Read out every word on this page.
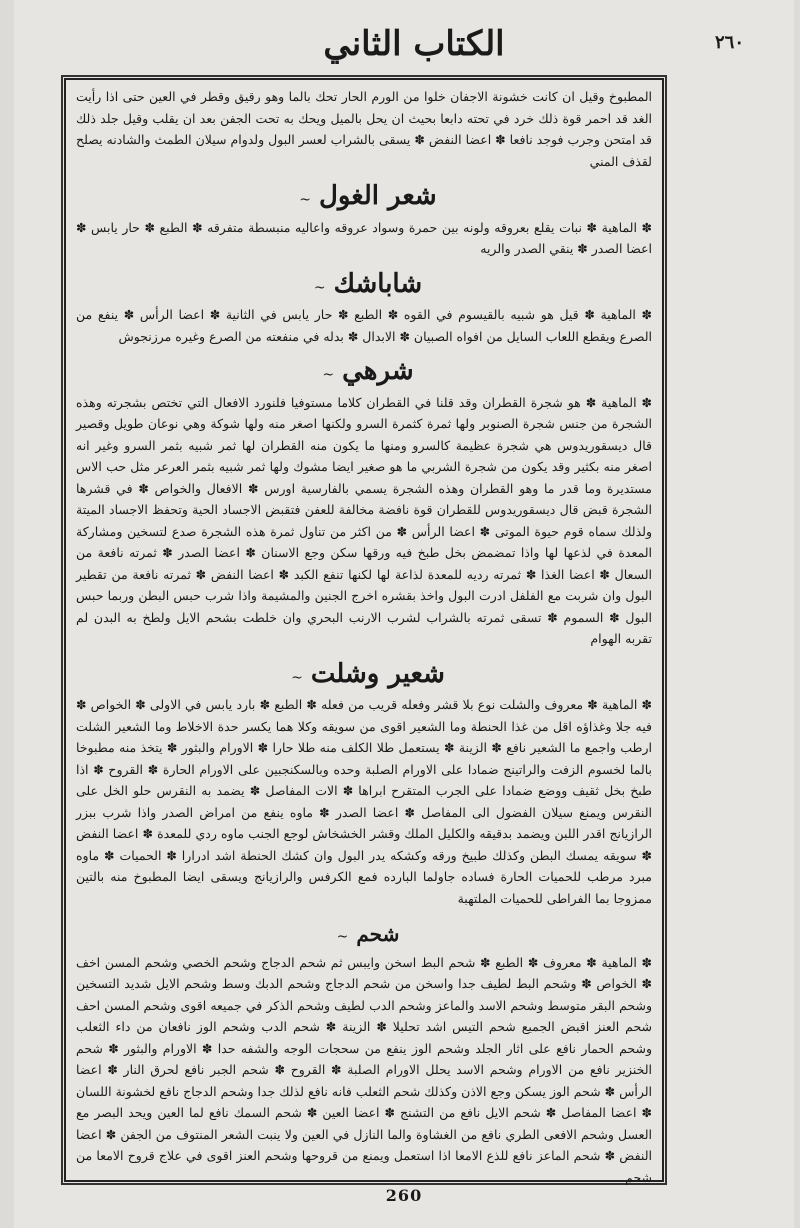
الكتاب الثاني	٢٦٠

المطبوخ وقيل ان كانت خشونة الاجفان خلوا من الورم الحار تحك بالما وهو رقيق وقطر في العين حتى اذا رأيت الغد قد احمر قوة ذلك خرد في تحته دابعا بحيث ان يحل بالميل ويحك به تحت الجفن بعد ان يقلب وقيل جلد ذلك قد امتحن وجرب فوجد نافعا ✽ اعضا النفض ✽ يسقى بالشراب لعسر البول ولدوام سيلان الطمث والشادنه يصلح لقذف المني

شعر الغول~

✽ الماهية ✽ نبات يقلع بعروقه ولونه بين حمرة وسواد عروقه واعاليه منبسطة متفرقه ✽ الطبع ✽ حار يابس ✽ اعضا الصدر ✽ ينقي الصدر والريه

شاباشك~

✽ الماهية ✽ قيل هو شبيه بالقيسوم في القوه ✽ الطبع ✽ حار يابس في الثانية ✽ اعضا الرأس ✽ ينفع من الصرع ويقطع اللعاب السايل من افواه الصبيان ✽ الابدال ✽ بدله في منفعته من الصرع وغيره مرزنجوش

شرهي~

✽ الماهية ✽ هو شجرة القطران وقد قلنا في القطران كلاما مستوفيا فلنورد الافعال التي تختص بشجرته وهذه الشجرة من جنس شجرة الصنوبر ولها ثمرة كثمرة السرو ولكنها اصغر منه ولها شوكة وهي نوعان طويل وقصير قال ديسقوريدوس هي شجرة عظيمة كالسرو ومنها ما يكون منه القطران لها ثمر شبيه بثمر السرو وغير انه اصغر منه بكثير وقد يكون من شجرة الشربي ما هو صغير ايضا مشوك ولها ثمر شبيه بثمر العرعر مثل حب الاس مستديرة وما قدر ما وهو القطران وهذه الشجرة يسمي بالفارسية اورس ✽ الافعال والخواص ✽ في قشرها الشجرة قبض قال ديسقوريدوس للقطران قوة نافضة مخالفة للعفن فتقبض الاجساد الحية وتحفظ الاجساد الميتة ولذلك سماه قوم حيوة الموتى ✽ اعضا الرأس ✽ من اكثر من تناول ثمرة هذه الشجرة صدع لتسخين ومشاركة المعدة في لذعها لها واذا تمضمض بخل طبخ فيه ورقها سكن وجع الاسنان ✽ اعضا الصدر ✽ ثمرته نافعة من السعال ✽ اعضا الغذا ✽ ثمرته رديه للمعدة لذاعة لها لكنها تنفع الكبد ✽ اعضا النفض ✽ ثمرته نافعة من تقطير البول وان شربت مع الفلفل ادرت البول واخذ بقشره اخرج الجنين والمشيمة واذا شرب حبس البطن وربما حبس البول ✽ السموم ✽ تسقى ثمرته بالشراب لشرب الارنب البحري وان خلطت بشحم الايل ولطخ به البدن لم تقربه الهوام

شعير وشلت~

✽ الماهية ✽ معروف والشلت نوع بلا قشر وفعله قريب من فعله ✽ الطبع ✽ بارد يابس في الاولى ✽ الخواص ✽ فيه جلا وغذاؤه اقل من غذا الحنطة وما الشعير اقوى من سويقه وكلا هما يكسر حدة الاخلاط وما الشعير الشلت ارطب واجمع ما الشعير نافع ✽ الزينة ✽ يستعمل طلا الكلف منه طلا حارا ✽ الاورام والبثور ✽ يتخذ منه مطبوخا بالما لخسوم الزفت والراتينج ضمادا على الاورام الصلبة وحده وبالسكنجبين على الاورام الحارة ✽ القروح ✽ اذا طبخ بخل ثقيف ووضع ضمادا على الجرب المتقرح ابراها ✽ الات المفاصل ✽ يضمد به النقرس حلو الخل على النقرس ويمنع سيلان الفضول الى المفاصل ✽ اعضا الصدر ✽ ماوه ينفع من امراض الصدر واذا شرب ببزر الرازيانج اقدر اللبن ويضمد بدقيقه والكليل الملك وقشر الخشخاش لوجع الجنب ماوه ردي للمعدة ✽ اعضا النفض ✽ سويقه يمسك البطن وكذلك طبيخ ورقه وكشكه يدر البول وان كشك الحنطة اشد ادرارا ✽ الحميات ✽ ماوه مبرد مرطب للحميات الحارة فساده جاولما البارده فمع الكرفس والرازيانج ويسقى ايضا المطبوخ منه بالتين ممزوجا بما الفراطى للحميات الملتهبة

شحم~

✽ الماهية ✽ معروف ✽ الطبع ✽ شحم البط اسخن وايبس ثم شحم الدجاج وشحم الخصي وشحم المسن اخف ✽ الخواص ✽ وشحم البط لطيف جدا واسخن من شحم الدجاج وشحم الدبك وسط وشحم الايل شديد التسخين وشحم البقر متوسط وشحم الاسد والماعز وشحم الدب لطيف وشحم الذكر في جميعه اقوى وشحم المسن احف شحم العنز اقبض الجميع شحم التيس اشد تحليلا ✽ الزينة ✽ شحم الدب وشحم الوز نافعان من داء الثعلب وشحم الحمار نافع على اثار الجلد وشحم الوز ينفع من سحجات الوجه والشفه حدا ✽ الاورام والبثور ✽ شحم الخنزير نافع من الاورام وشحم الاسد يحلل الاورام الصلبة ✽ القروح ✽ شحم الجبر نافع لحرق النار ✽ اعضا الرأس ✽ شحم الوز يسكن وجع الاذن وكذلك شحم الثعلب فانه نافع لذلك جدا وشحم الدجاج نافع لخشونة اللسان ✽ اعضا المفاصل ✽ شحم الايل نافع من التشنج ✽ اعضا العين ✽ شحم السمك نافع لما العين ويحد البصر مع العسل وشحم الافعى الطري نافع من الغشاوة والما النازل في العين ولا ينبت الشعر المنتوف من الجفن ✽ اعضا النفض ✽ شحم الماعز نافع للذع الامعا اذا استعمل ويمنع من قروحها وشحم العنز اقوى في علاج قروح الامعا من شحم

260
